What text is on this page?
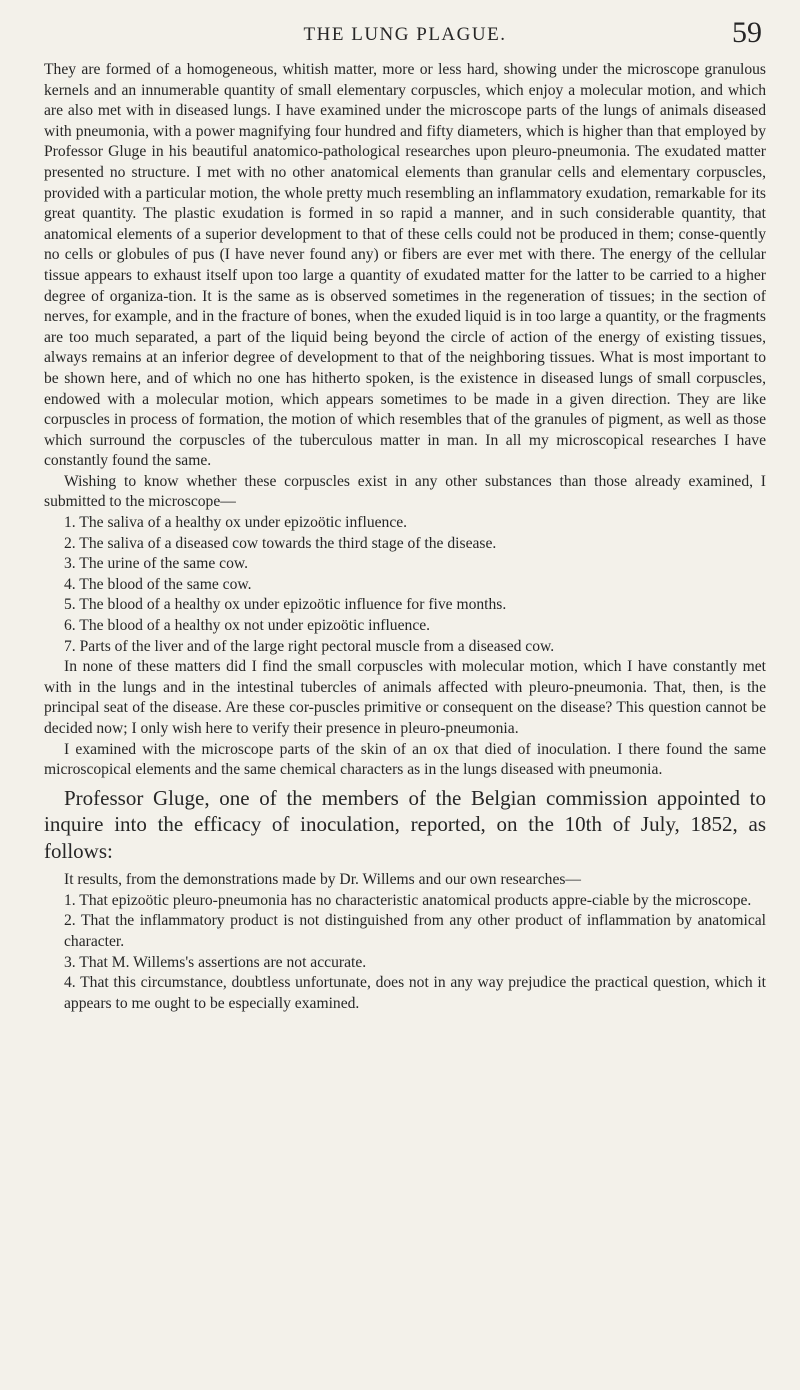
THE LUNG PLAGUE.	59

They are formed of a homogeneous, whitish matter, more or less hard, showing under the microscope granulous kernels and an innumerable quantity of small elementary corpuscles, which enjoy a molecular motion, and which are also met with in diseased lungs. I have examined under the microscope parts of the lungs of animals diseased with pneumonia, with a power magnifying four hundred and fifty diameters, which is higher than that employed by Professor Gluge in his beautiful anatomico-pathological researches upon pleuro-pneumonia. The exudated matter presented no structure. I met with no other anatomical elements than granular cells and elementary corpuscles, provided with a particular motion, the whole pretty much resembling an inflammatory exudation, remarkable for its great quantity. The plastic exudation is formed in so rapid a manner, and in such considerable quantity, that anatomical elements of a superior development to that of these cells could not be produced in them; conse-quently no cells or globules of pus (I have never found any) or fibers are ever met with there. The energy of the cellular tissue appears to exhaust itself upon too large a quantity of exudated matter for the latter to be carried to a higher degree of organiza-tion. It is the same as is observed sometimes in the regeneration of tissues; in the section of nerves, for example, and in the fracture of bones, when the exuded liquid is in too large a quantity, or the fragments are too much separated, a part of the liquid being beyond the circle of action of the energy of existing tissues, always remains at an inferior degree of development to that of the neighboring tissues. What is most important to be shown here, and of which no one has hitherto spoken, is the existence in diseased lungs of small corpuscles, endowed with a molecular motion, which appears sometimes to be made in a given direction. They are like corpuscles in process of formation, the motion of which resembles that of the granules of pigment, as well as those which surround the corpuscles of the tuberculous matter in man. In all my microscopical researches I have constantly found the same.

Wishing to know whether these corpuscles exist in any other substances than those already examined, I submitted to the microscope—

1. The saliva of a healthy ox under epizoötic influence.
2. The saliva of a diseased cow towards the third stage of the disease.
3. The urine of the same cow.
4. The blood of the same cow.
5. The blood of a healthy ox under epizoötic influence for five months.
6. The blood of a healthy ox not under epizoötic influence.
7. Parts of the liver and of the large right pectoral muscle from a diseased cow.

In none of these matters did I find the small corpuscles with molecular motion, which I have constantly met with in the lungs and in the intestinal tubercles of animals affected with pleuro-pneumonia. That, then, is the principal seat of the disease. Are these cor-puscles primitive or consequent on the disease? This question cannot be decided now; I only wish here to verify their presence in pleuro-pneumonia.

I examined with the microscope parts of the skin of an ox that died of inoculation. I there found the same microscopical elements and the same chemical characters as in the lungs diseased with pneumonia.

Professor Gluge, one of the members of the Belgian commission appointed to inquire into the efficacy of inoculation, reported, on the 10th of July, 1852, as follows:

It results, from the demonstrations made by Dr. Willems and our own researches—

1. That epizoötic pleuro-pneumonia has no characteristic anatomical products appre-ciable by the microscope.
2. That the inflammatory product is not distinguished from any other product of inflammation by anatomical character.
3. That M. Willems's assertions are not accurate.
4. That this circumstance, doubtless unfortunate, does not in any way prejudice the practical question, which it appears to me ought to be especially examined.
